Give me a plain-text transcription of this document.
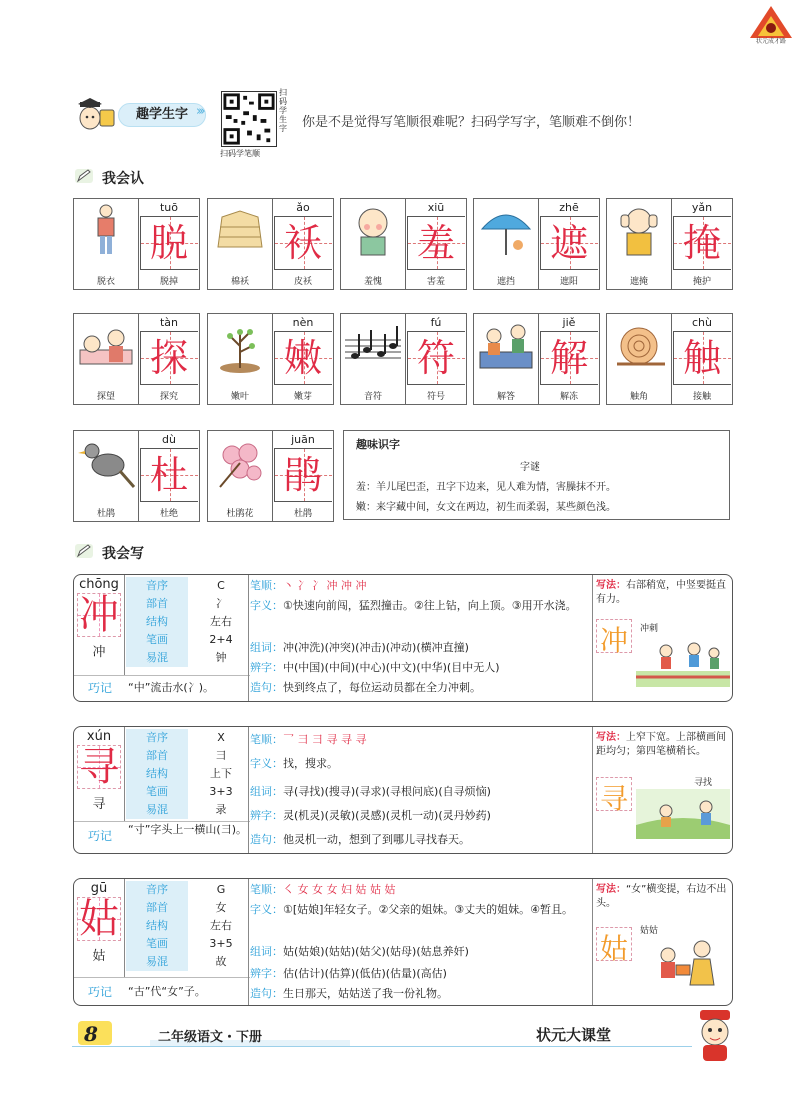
状元成才路
趣学生字 ›››
扫码学生字
扫码学笔顺
你是不是觉得写笔顺很难呢？扫码学写字，笔顺难不倒你！
我会认
脱衣
tuō
脱
脱掉	棉袄
ǎo
袄
皮袄	羞愧
xiū
羞
害羞	遮挡
zhē
遮
遮阳	遮掩
yǎn
掩
掩护
探望
tàn
探
探究	嫩叶
nèn
嫩
嫩芽	音符
fú
符
符号	解答
jiě
解
解冻	触角
chù
触
接触
杜鹃
dù
杜
杜绝	杜鹃花
juān
鹃
杜鹃
趣味识字
字谜
羞：羊儿尾巴歪，丑字下边来，见人难为情，害臊抹不开。
嫩：来字藏中间，女文在两边，初生而柔弱，某些颜色浅。
我会写
chōng
冲
冲
音序	C
部首	冫
结构	左右
笔画	2+4
易混	钟
巧记	“中”流击水(冫)。
笔顺：丶 冫 冫 冲 冲 冲
字义：①快速向前闯，猛烈撞击。②往上钻，向上顶。③用开水浇。
组词：冲(冲洗)(冲突)(冲击)(冲动)(横冲直撞)
辨字：中(中国)(中间)(中心)(中文)(中华)(目中无人)
造句：快到终点了，每位运动员都在全力冲刺。
写法：右部稍宽，中竖要挺直有力。
冲	冲刺
xún
寻
寻
音序	X
部首	彐
结构	上下
笔画	3+3
易混	录
巧记	“寸”字头上一横山(彐)。
笔顺：乛 ⺕ 彐 寻 寻 寻
字义：找，搜求。
组词：寻(寻找)(搜寻)(寻求)(寻根问底)(自寻烦恼)
辨字：灵(机灵)(灵敏)(灵感)(灵机一动)(灵丹妙药)
造句：他灵机一动，想到了到哪儿寻找春天。
写法：上窄下宽。上部横画间距均匀；第四笔横稍长。
寻	寻找
gū
姑
姑
音序	G
部首	女
结构	左右
笔画	3+5
易混	故
巧记	“古”代“女”子。
笔顺：㇛ 女 女 女 妇 姑 姑 姑
字义：①[姑娘]年轻女子。②父亲的姐妹。③丈夫的姐妹。④暂且。
组词：姑(姑娘)(姑姑)(姑父)(姑母)(姑息养奸)
辨字：估(估计)(估算)(低估)(估量)(高估)
造句：生日那天，姑姑送了我一份礼物。
写法：“女”横变提，右边不出头。
姑
姑姑
8	二年级语文・下册	状元大课堂
